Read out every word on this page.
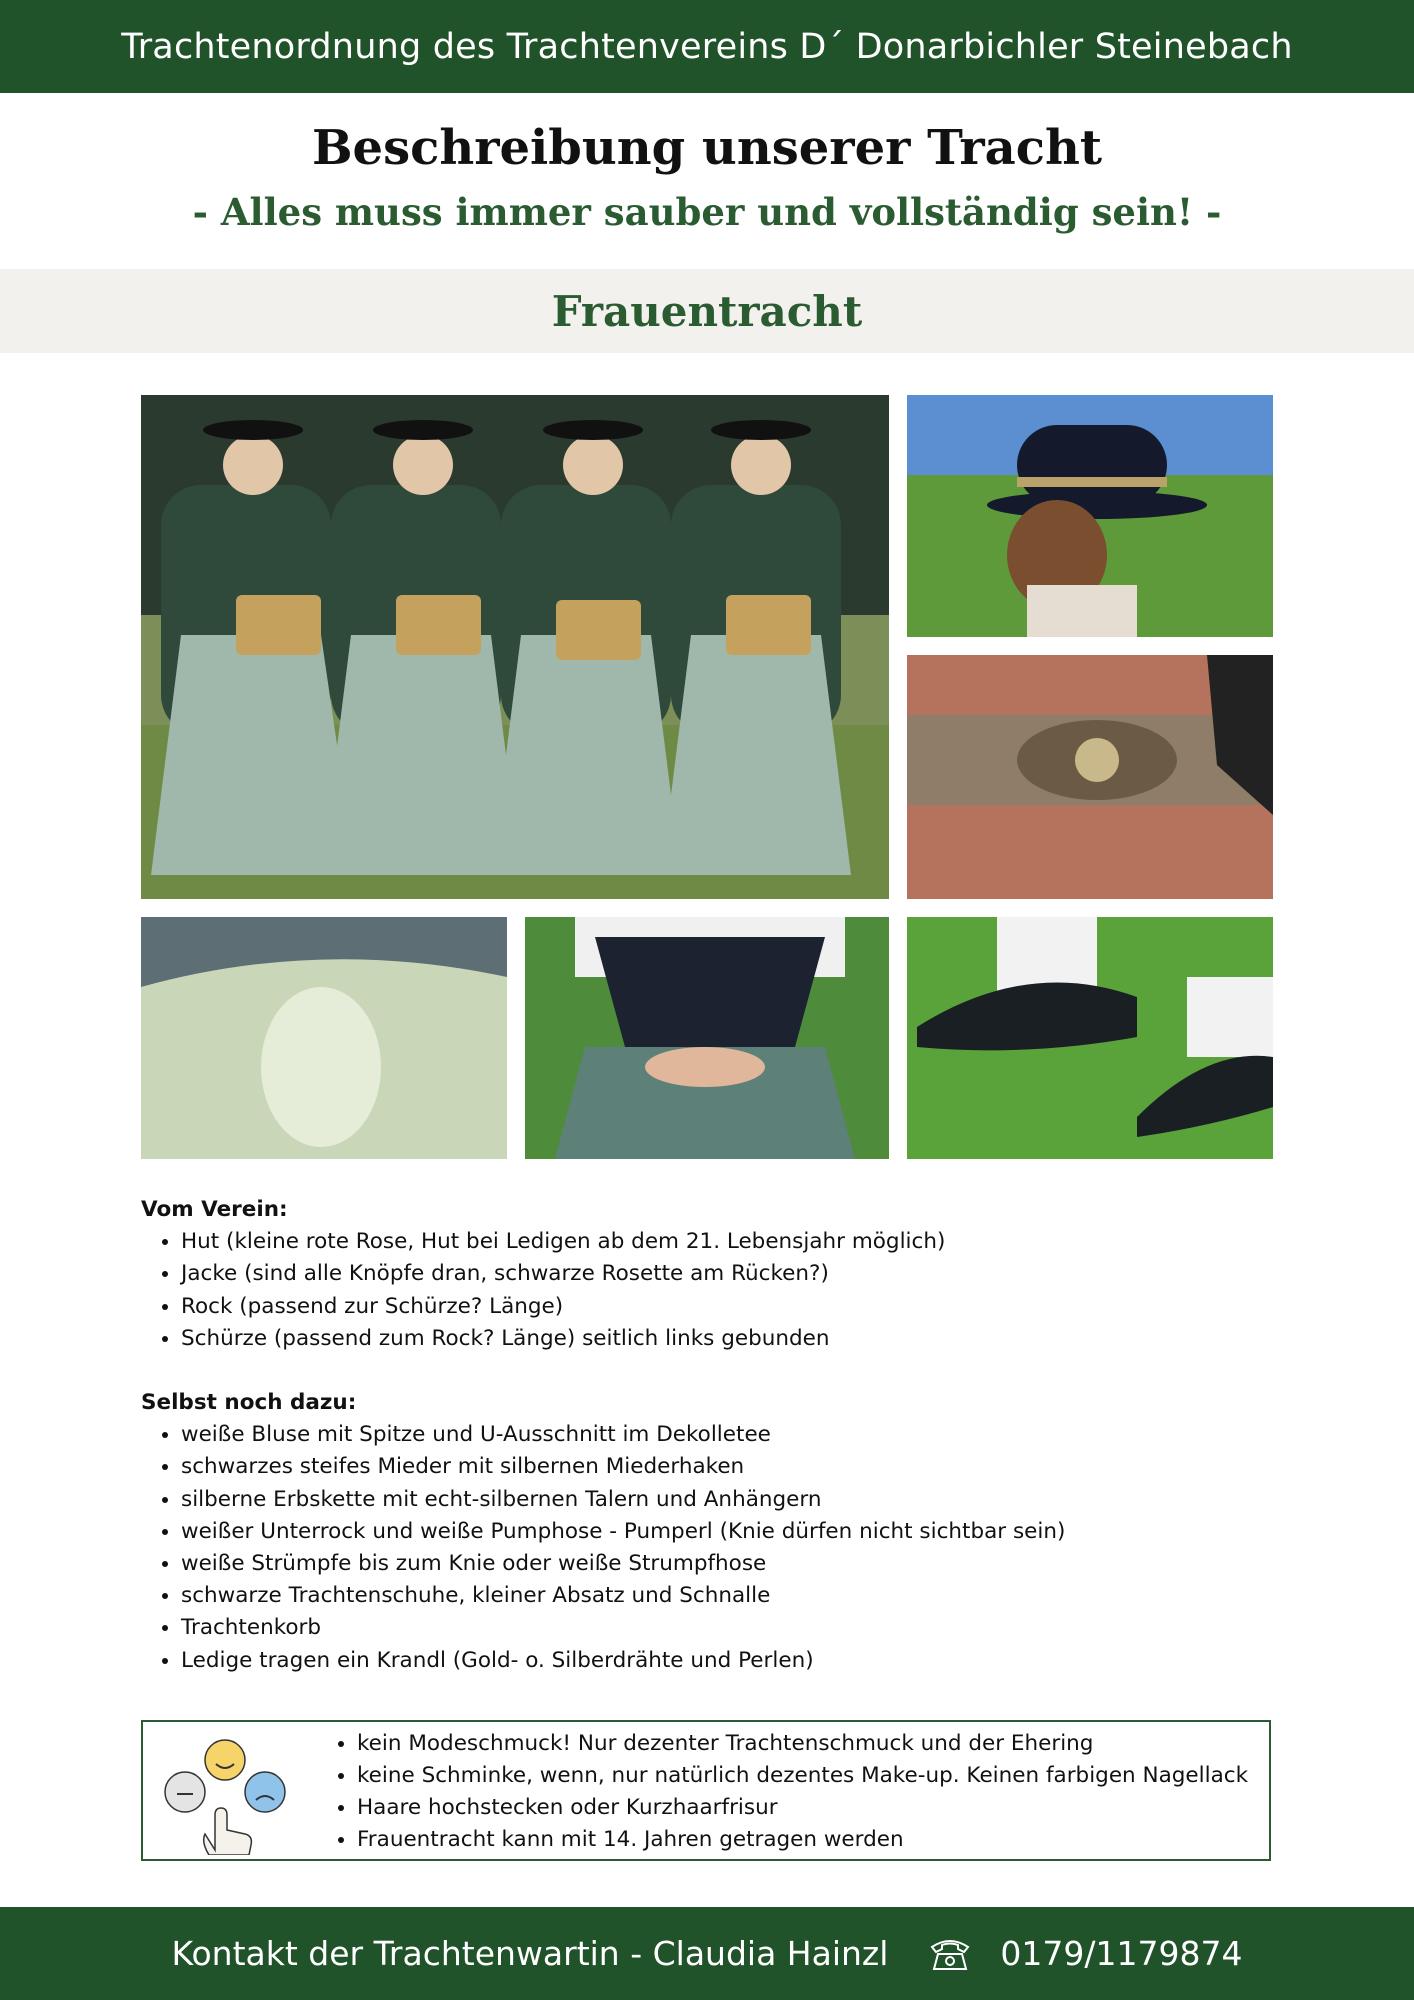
Trachtenordnung des Trachtenvereins D´ Donarbichler Steinebach
Beschreibung unserer Tracht
- Alles muss immer sauber und vollständig sein! -
Frauentracht
Vom Verein:
• Hut (kleine rote Rose, Hut bei Ledigen ab dem 21. Lebensjahr möglich)
• Jacke (sind alle Knöpfe dran, schwarze Rosette am Rücken?)
• Rock (passend zur Schürze? Länge)
• Schürze (passend zum Rock? Länge) seitlich links gebunden
Selbst noch dazu:
• weiße Bluse mit Spitze und U-Ausschnitt im Dekolletee
• schwarzes steifes Mieder mit silbernen Miederhaken
• silberne Erbskette mit echt-silbernen Talern und Anhängern
• weißer Unterrock und weiße Pumphose - Pumperl (Knie dürfen nicht sichtbar sein)
• weiße Strümpfe bis zum Knie oder weiße Strumpfhose
• schwarze Trachtenschuhe, kleiner Absatz und Schnalle
• Trachtenkorb
• Ledige tragen ein Krandl (Gold- o. Silberdrähte und Perlen)
• kein Modeschmuck! Nur dezenter Trachtenschmuck und der Ehering
• keine Schminke, wenn, nur natürlich dezentes Make-up. Keinen farbigen Nagellack
• Haare hochstecken oder Kurzhaarfrisur
• Frauentracht kann mit 14. Jahren getragen werden
Kontakt der Trachtenwartin - Claudia Hainzl	0179/1179874
